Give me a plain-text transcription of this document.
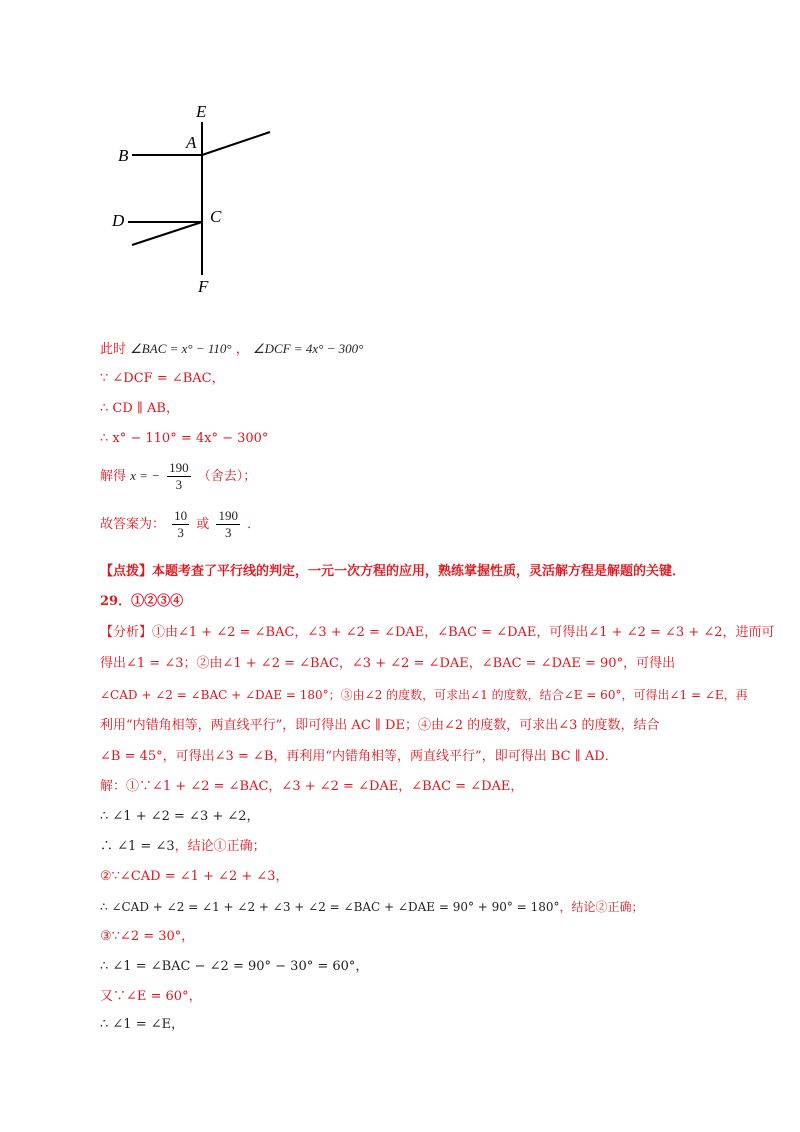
E
A
B
D	C
F
此时 ∠BAC = x° − 110° ， ∠DCF = 4x° − 300°
∵ ∠DCF = ∠BAC，
∴ CD ∥ AB，
∴ x° − 110° = 4x° − 300°
解得 x = − $\frac{190}{3}$ （舍去）；
故答案为： $\frac{10}{3}$ 或 $\frac{190}{3}$ ．
【点拨】本题考查了平行线的判定，一元一次方程的应用，熟练掌握性质，灵活解方程是解题的关键．
29．①②③④
【分析】①由∠1 + ∠2 = ∠BAC，∠3 + ∠2 = ∠DAE，∠BAC = ∠DAE，可得出∠1 + ∠2 = ∠3 + ∠2，进而可
得出∠1 = ∠3；②由∠1 + ∠2 = ∠BAC，∠3 + ∠2 = ∠DAE，∠BAC = ∠DAE = 90°，可得出
∠CAD + ∠2 = ∠BAC + ∠DAE = 180°；③由∠2 的度数，可求出∠1 的度数，结合∠E = 60°，可得出∠1 = ∠E，再
利用“内错角相等，两直线平行”，即可得出 AC ∥ DE；④由∠2 的度数，可求出∠3 的度数，结合
∠B = 45°，可得出∠3 = ∠B，再利用“内错角相等，两直线平行”，即可得出 BC ∥ AD．
解：①∵∠1 + ∠2 = ∠BAC，∠3 + ∠2 = ∠DAE，∠BAC = ∠DAE，
∴ ∠1 + ∠2 = ∠3 + ∠2，
∴ ∠1 = ∠3，结论①正确；
②∵∠CAD = ∠1 + ∠2 + ∠3，
∴ ∠CAD + ∠2 = ∠1 + ∠2 + ∠3 + ∠2 = ∠BAC + ∠DAE = 90° + 90° = 180°，结论②正确；
③∵∠2 = 30°，
∴ ∠1 = ∠BAC − ∠2 = 90° − 30° = 60°，
又∵∠E = 60°，
∴ ∠1 = ∠E，
